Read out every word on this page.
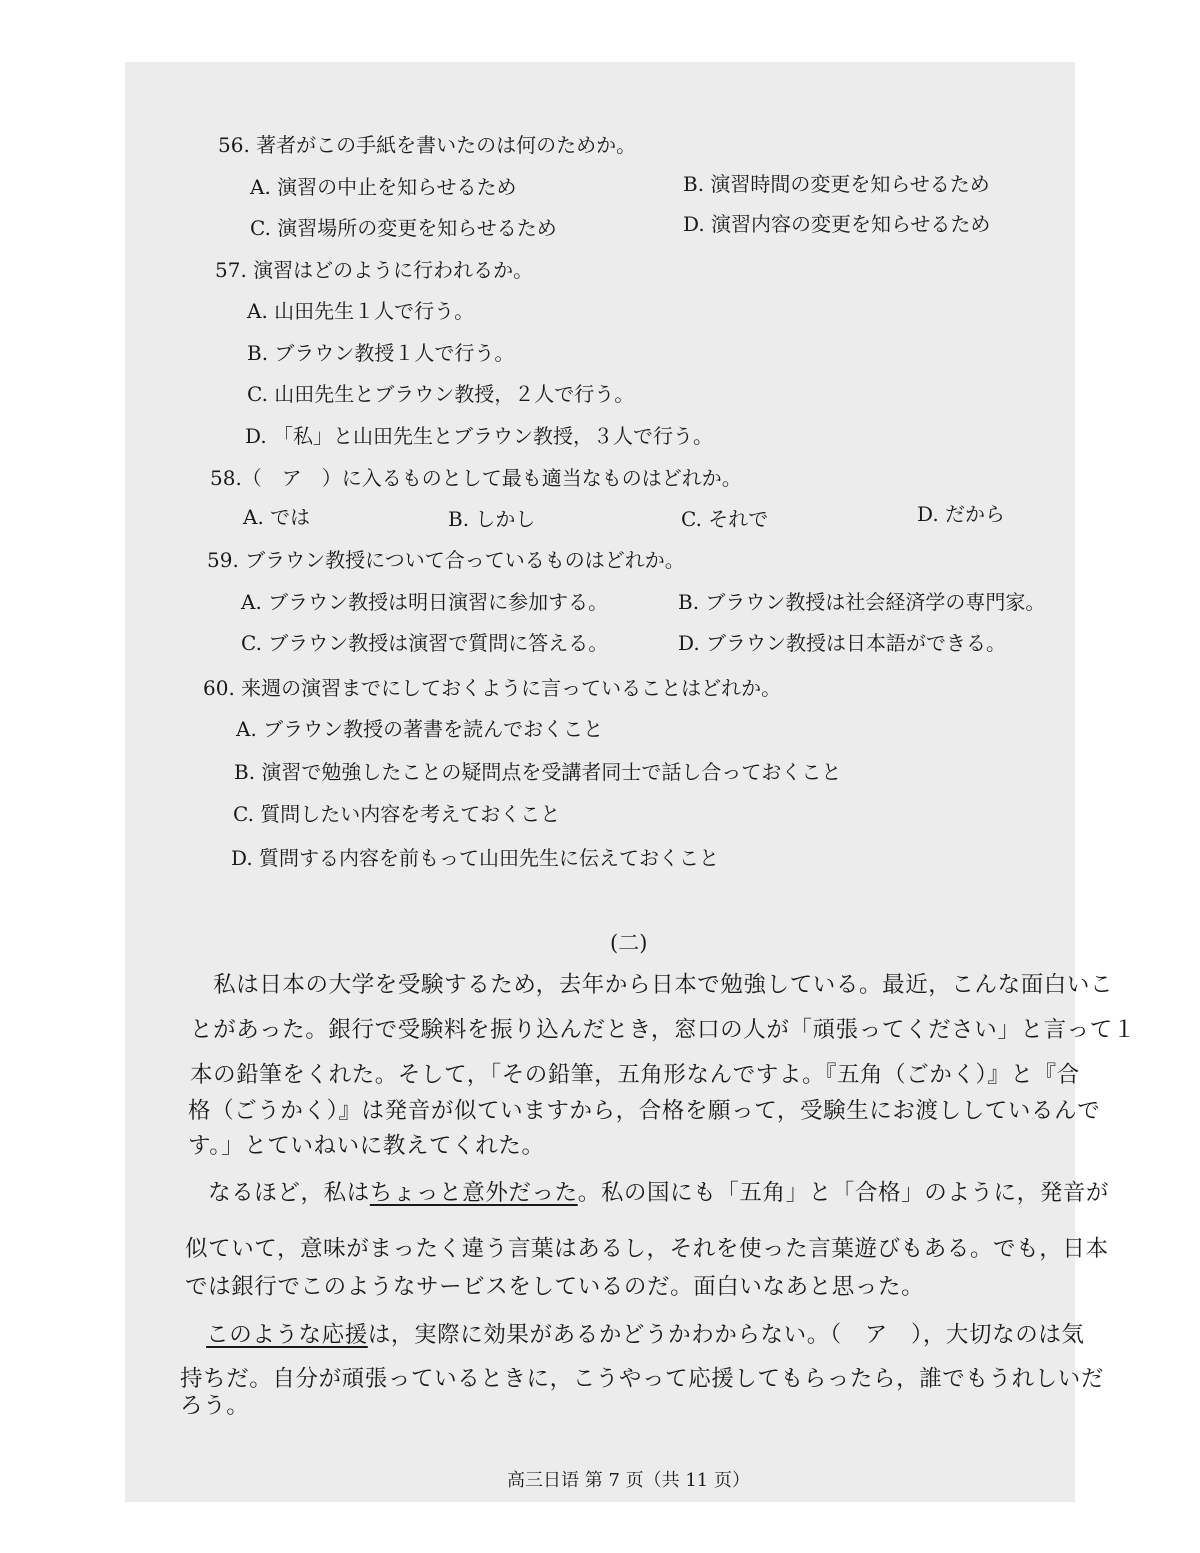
56. 著者がこの手紙を書いたのは何のためか。
A. 演習の中止を知らせるため	B. 演習時間の変更を知らせるため
C. 演習場所の変更を知らせるため	D. 演習内容の変更を知らせるため
57. 演習はどのように行われるか。
A. 山田先生１人で行う。
B. ブラウン教授１人で行う。
C. 山田先生とブラウン教授，２人で行う。
D. 「私」と山田先生とブラウン教授，３人で行う。
58.（　ア　）に入るものとして最も適当なものはどれか。
A. では	B. しかし	C. それで	D. だから
59. ブラウン教授について合っているものはどれか。
A. ブラウン教授は明日演習に参加する。	B. ブラウン教授は社会経済学の専門家。
C. ブラウン教授は演習で質問に答える。	D. ブラウン教授は日本語ができる。
60. 来週の演習までにしておくように言っていることはどれか。
A. ブラウン教授の著書を読んでおくこと
B. 演習で勉強したことの疑問点を受講者同士で話し合っておくこと
C. 質問したい内容を考えておくこと
D. 質問する内容を前もって山田先生に伝えておくこと
(二)
　私は日本の大学を受験するため，去年から日本で勉強している。最近，こんな面白いこ
とがあった。銀行で受験料を振り込んだとき，窓口の人が「頑張ってください」と言って１
本の鉛筆をくれた。そして，「その鉛筆，五角形なんですよ。『五角（ごかく）』と『合
格（ごうかく）』は発音が似ていますから，合格を願って，受験生にお渡ししているんで
す。」とていねいに教えてくれた。
　なるほど，私はちょっと意外だった。私の国にも「五角」と「合格」のように，発音が
似ていて，意味がまったく違う言葉はあるし，それを使った言葉遊びもある。でも，日本
では銀行でこのようなサービスをしているのだ。面白いなあと思った。
　このような応援は，実際に効果があるかどうかわからない。（　ア　），大切なのは気
持ちだ。自分が頑張っているときに，こうやって応援してもらったら，誰でもうれしいだ
ろう。
高三日语 第 7 页（共 11 页）
